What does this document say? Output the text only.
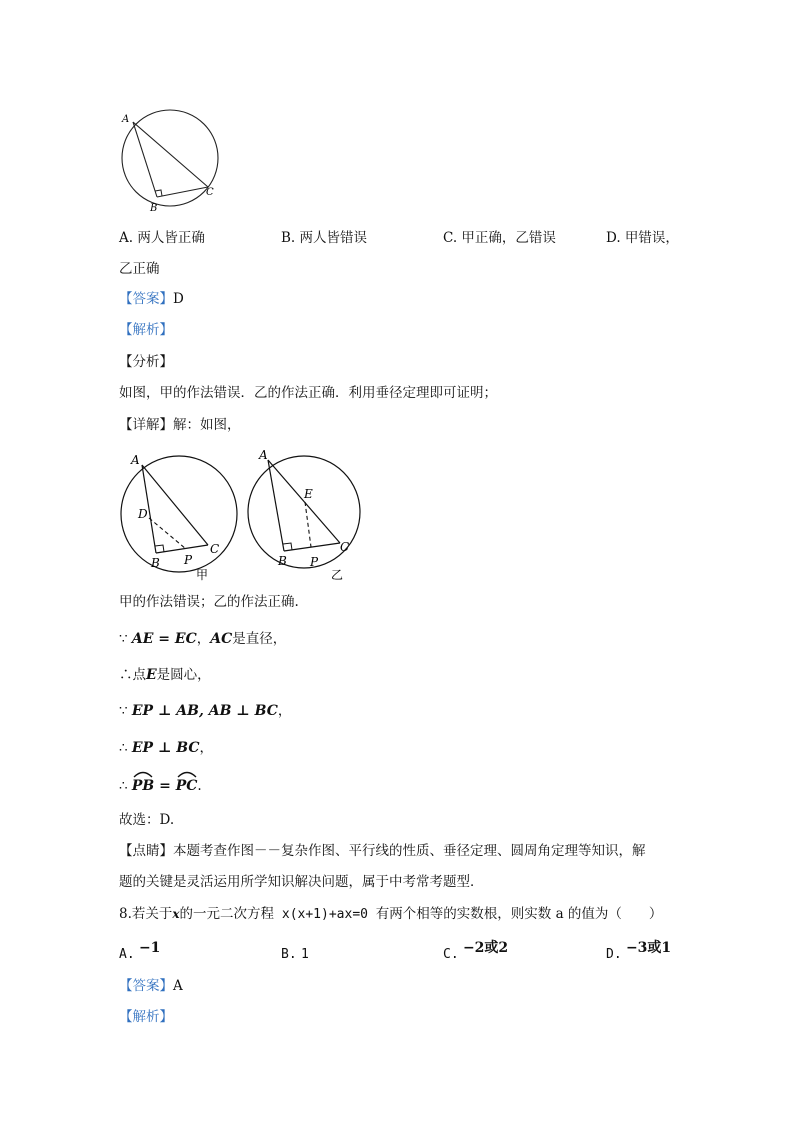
A
B
C
A. 两人皆正确	B. 两人皆错误	C. 甲正确，乙错误	D. 甲错误，
乙正确
【答案】D
【解析】
【分析】
如图，甲的作法错误．乙的作法正确．利用垂径定理即可证明；
【详解】解：如图，
A
D
B P
C
甲
A
E
B P
C
乙
甲的作法错误；乙的作法正确.
∵ AE = EC，AC是直径，
∴点E是圆心，
∵ EP ⊥ AB, AB ⊥ BC，
∴ EP ⊥ BC，
∴ PB =
PC.
故选：D.
【点睛】本题考查作图－－复杂作图、平行线的性质、垂径定理、圆周角定理等知识，解
题的关键是灵活运用所学知识解决问题，属于中考常考题型．
8.若关于x的一元二次方程 x(x+1)+ax=0 有两个相等的实数根，则实数 a 的值为（　　）
A. −1	B. 1	C. −2或2	D. −3或1
【答案】A
【解析】
